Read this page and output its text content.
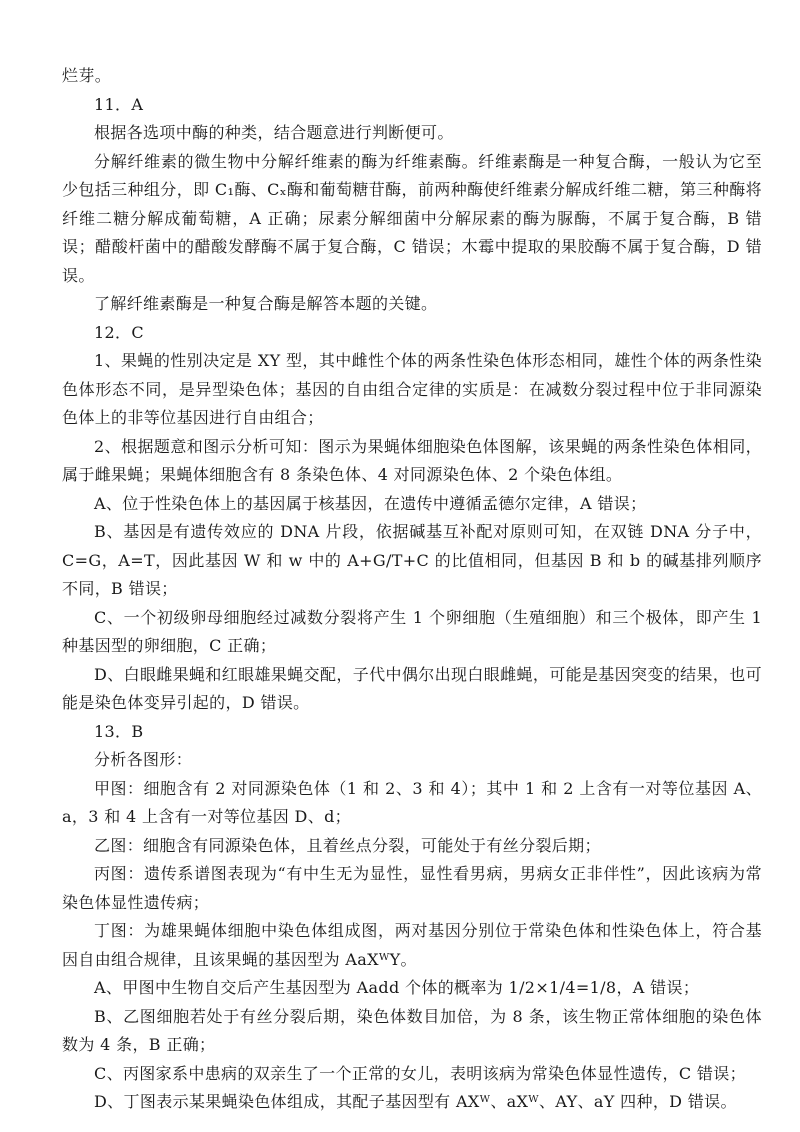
烂芽。

11．A

根据各选项中酶的种类，结合题意进行判断便可。

分解纤维素的微生物中分解纤维素的酶为纤维素酶。纤维素酶是一种复合酶，一般认为它至少包括三种组分，即 C₁酶、Cₓ酶和葡萄糖苷酶，前两种酶使纤维素分解成纤维二糖，第三种酶将纤维二糖分解成葡萄糖，A 正确；尿素分解细菌中分解尿素的酶为脲酶，不属于复合酶，B 错误；醋酸杆菌中的醋酸发酵酶不属于复合酶，C 错误；木霉中提取的果胶酶不属于复合酶，D 错误。

了解纤维素酶是一种复合酶是解答本题的关键。

12．C

1、果蝇的性别决定是 XY 型，其中雌性个体的两条性染色体形态相同，雄性个体的两条性染色体形态不同，是异型染色体；基因的自由组合定律的实质是：在减数分裂过程中位于非同源染色体上的非等位基因进行自由组合；

2、根据题意和图示分析可知：图示为果蝇体细胞染色体图解，该果蝇的两条性染色体相同，属于雌果蝇；果蝇体细胞含有 8 条染色体、4 对同源染色体、2 个染色体组。

A、位于性染色体上的基因属于核基因，在遗传中遵循孟德尔定律，A 错误；

B、基因是有遗传效应的 DNA 片段，依据碱基互补配对原则可知，在双链 DNA 分子中，C=G，A=T，因此基因 W 和 w 中的 A+G/T+C 的比值相同，但基因 B 和 b 的碱基排列顺序不同，B 错误；

C、一个初级卵母细胞经过减数分裂将产生 1 个卵细胞（生殖细胞）和三个极体，即产生 1 种基因型的卵细胞，C 正确；

D、白眼雌果蝇和红眼雄果蝇交配，子代中偶尔出现白眼雌蝇，可能是基因突变的结果，也可能是染色体变异引起的，D 错误。

13．B

分析各图形：

甲图：细胞含有 2 对同源染色体（1 和 2、3 和 4）；其中 1 和 2 上含有一对等位基因 A、a，3 和 4 上含有一对等位基因 D、d；

乙图：细胞含有同源染色体，且着丝点分裂，可能处于有丝分裂后期；

丙图：遗传系谱图表现为“有中生无为显性，显性看男病，男病女正非伴性”，因此该病为常染色体显性遗传病；

丁图：为雄果蝇体细胞中染色体组成图，两对基因分别位于常染色体和性染色体上，符合基因自由组合规律，且该果蝇的基因型为 AaXᵂY。

A、甲图中生物自交后产生基因型为 Aadd 个体的概率为 1/2×1/4=1/8，A 错误；

B、乙图细胞若处于有丝分裂后期，染色体数目加倍，为 8 条，该生物正常体细胞的染色体数为 4 条，B 正确；

C、丙图家系中患病的双亲生了一个正常的女儿，表明该病为常染色体显性遗传，C 错误；

D、丁图表示某果蝇染色体组成，其配子基因型有 AXᵂ、aXᵂ、AY、aY 四种，D 错误。
